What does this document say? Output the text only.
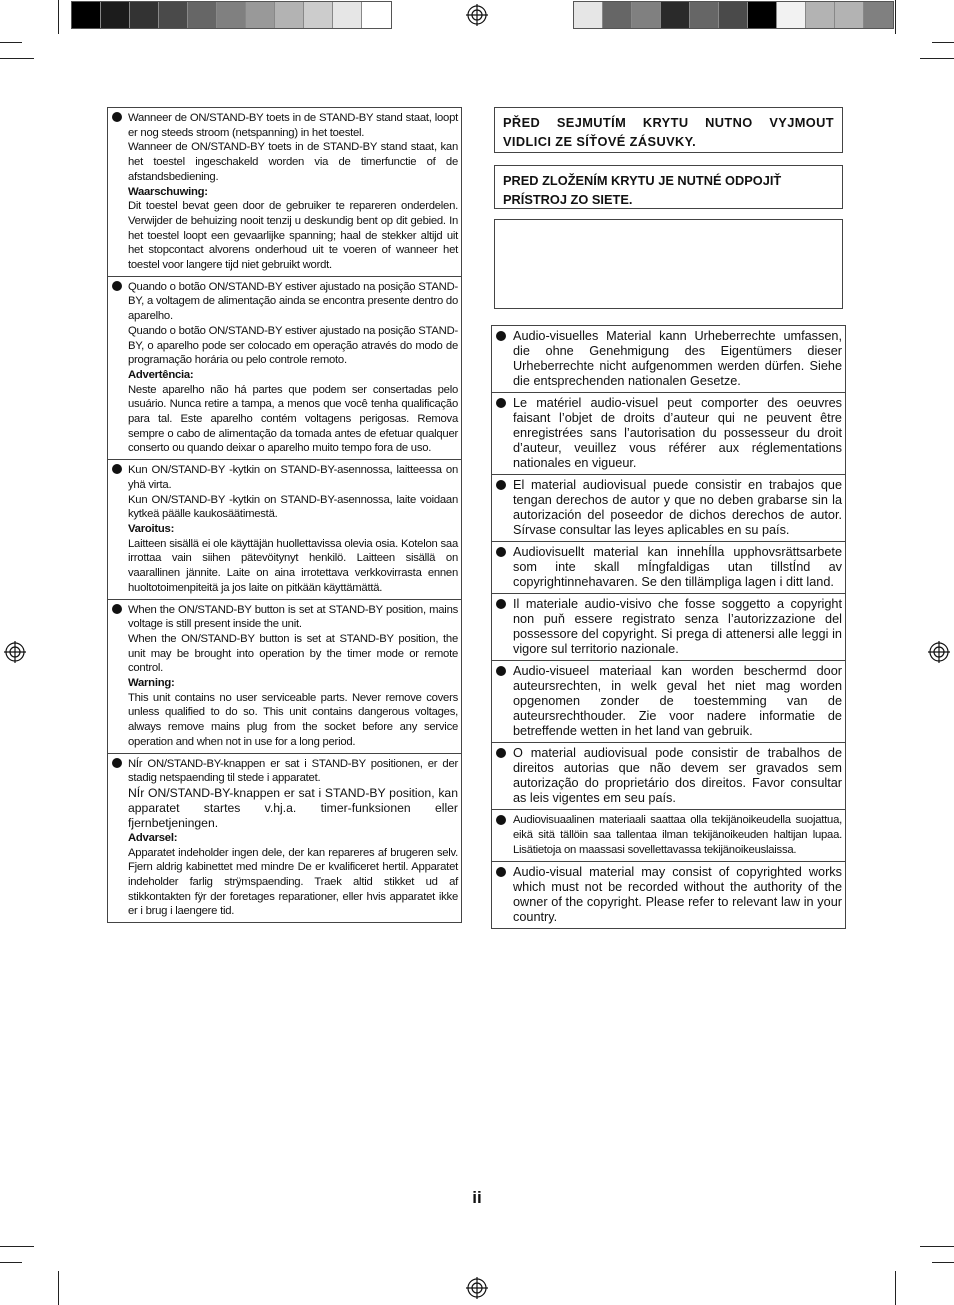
Wanneer de ON/STAND-BY toets in de STAND-BY stand staat, loopt er nog steeds stroom (netspanning) in het toestel.

Wanneer de ON/STAND-BY toets in de STAND-BY stand staat, kan het toestel ingeschakeld worden via de timerfunctie of de afstandsbediening.

Waarschuwing:

Dit toestel bevat geen door de gebruiker te repareren onderdelen. Verwijder de behuizing nooit tenzij u deskundig bent op dit gebied. In het toestel loopt een gevaarlijke spanning; haal de stekker altijd uit het stopcontact alvorens onderhoud uit te voeren of wanneer het toestel voor langere tijd niet gebruikt wordt.

Quando o botão ON/STAND-BY estiver ajustado na posição STAND-BY, a voltagem de alimentação ainda se encontra presente dentro do aparelho.

Quando o botão ON/STAND-BY estiver ajustado na posição STAND-BY, o aparelho pode ser colocado em operação através do modo de programação horária ou pelo controle remoto.

Advertência:

Neste aparelho não há partes que podem ser consertadas pelo usuário. Nunca retire a tampa, a menos que você tenha qualificação para tal. Este aparelho contém voltagens perigosas. Remova sempre o cabo de alimentação da tomada antes de efetuar qualquer conserto ou quando deixar o aparelho muito tempo fora de uso.

Kun ON/STAND-BY -kytkin on STAND-BY-asennossa, laitteessa on yhä virta.

Kun ON/STAND-BY -kytkin on STAND-BY-asennossa, laite voidaan kytkeä päälle kaukosäätimestä.

Varoitus:

Laitteen sisällä ei ole käyttäjän huollettavissa olevia osia. Kotelon saa irrottaa vain siihen pätevöitynyt henkilö. Laitteen sisällä on vaarallinen jännite. Laite on aina irrotettava verkkovirrasta ennen huoltotoimenpiteitä ja jos laite on pitkään käyttämättä.

When the ON/STAND-BY button is set at STAND-BY position, mains voltage is still present inside the unit.

When the ON/STAND-BY button is set at STAND-BY position, the unit may be brought into operation by the timer mode or remote control.

Warning:

This unit contains no user serviceable parts. Never remove covers unless qualified to do so. This unit contains dangerous voltages, always remove mains plug from the socket before any service operation and when not in use for a long period.

NÍr ON/STAND-BY-knappen er sat i STAND-BY positionen, er der stadig netspaending til stede i apparatet.

NÍr ON/STAND-BY-knappen er sat i STAND-BY position, kan apparatet startes v.hj.a. timer-funksionen eller fjernbetjeningen.

Advarsel:

Apparatet indeholder ingen dele, der kan repareres af brugeren selv. Fjern aldrig kabinettet med mindre De er kvalificeret hertil. Apparatet indeholder farlig strÿmspaending. Traek altid stikket ud af stikkontakten fÿr der foretages reparationer, eller hvis apparatet ikke er i brug i laengere tid.

PŘED SEJMUTÍM KRYTU NUTNO VYJMOUT VIDLICI ZE SÍŤOVÉ ZÁSUVKY.

PRED ZLOŽENÍM KRYTU JE NUTNÉ ODPOJIŤ PRÍSTROJ ZO SIETE.

Audio-visuelles Material kann Urheberrechte umfassen, die ohne Genehmigung des Eigentümers dieser Urheberrechte nicht aufgenommen werden dürfen. Siehe die entsprechenden nationalen Gesetze.

Le matériel audio-visuel peut comporter des oeuvres faisant l’objet de droits d’auteur qui ne peuvent être enregistrées sans l’autorisation du possesseur du droit d’auteur, veuillez vous référer aux réglementations nationales en vigueur.

El material audiovisual puede consistir en trabajos que tengan derechos de autor y que no deben grabarse sin la autorización del poseedor de dichos derechos de autor. Sírvase consultar las leyes aplicables en su país.

Audiovisuellt material kan innehÍlla upphovsrättsarbete som inte skall mÍngfaldigas utan tillstÍnd av copyrightinnehavaren. Se den tillämpliga lagen i ditt land.

Il materiale audio-visivo che fosse soggetto a copyright non puň essere registrato senza l’autorizzazione del possessore del copyright. Si prega di attenersi alle leggi in vigore sul territorio nazionale.

Audio-visueel materiaal kan worden beschermd door auteursrechten, in welk geval het niet mag worden opgenomen zonder de toestemming van de auteursrechthouder. Zie voor nadere informatie de betreffende wetten in het land van gebruik.

O material audiovisual pode consistir de trabalhos de direitos autorias que não devem ser gravados sem autorização do proprietário dos direitos. Favor consultar as leis vigentes em seu país.

Audiovisuaalinen materiaali saattaa olla tekijänoikeudella suojattua, eikä sitä tällöin saa tallentaa ilman tekijänoikeuden haltijan lupaa. Lisätietoja on maassasi sovellettavassa tekijänoikeuslaissa.

Audio-visual material may consist of copyrighted works which must not be recorded without the authority of the owner of the copyright. Please refer to relevant law in your country.

ii
